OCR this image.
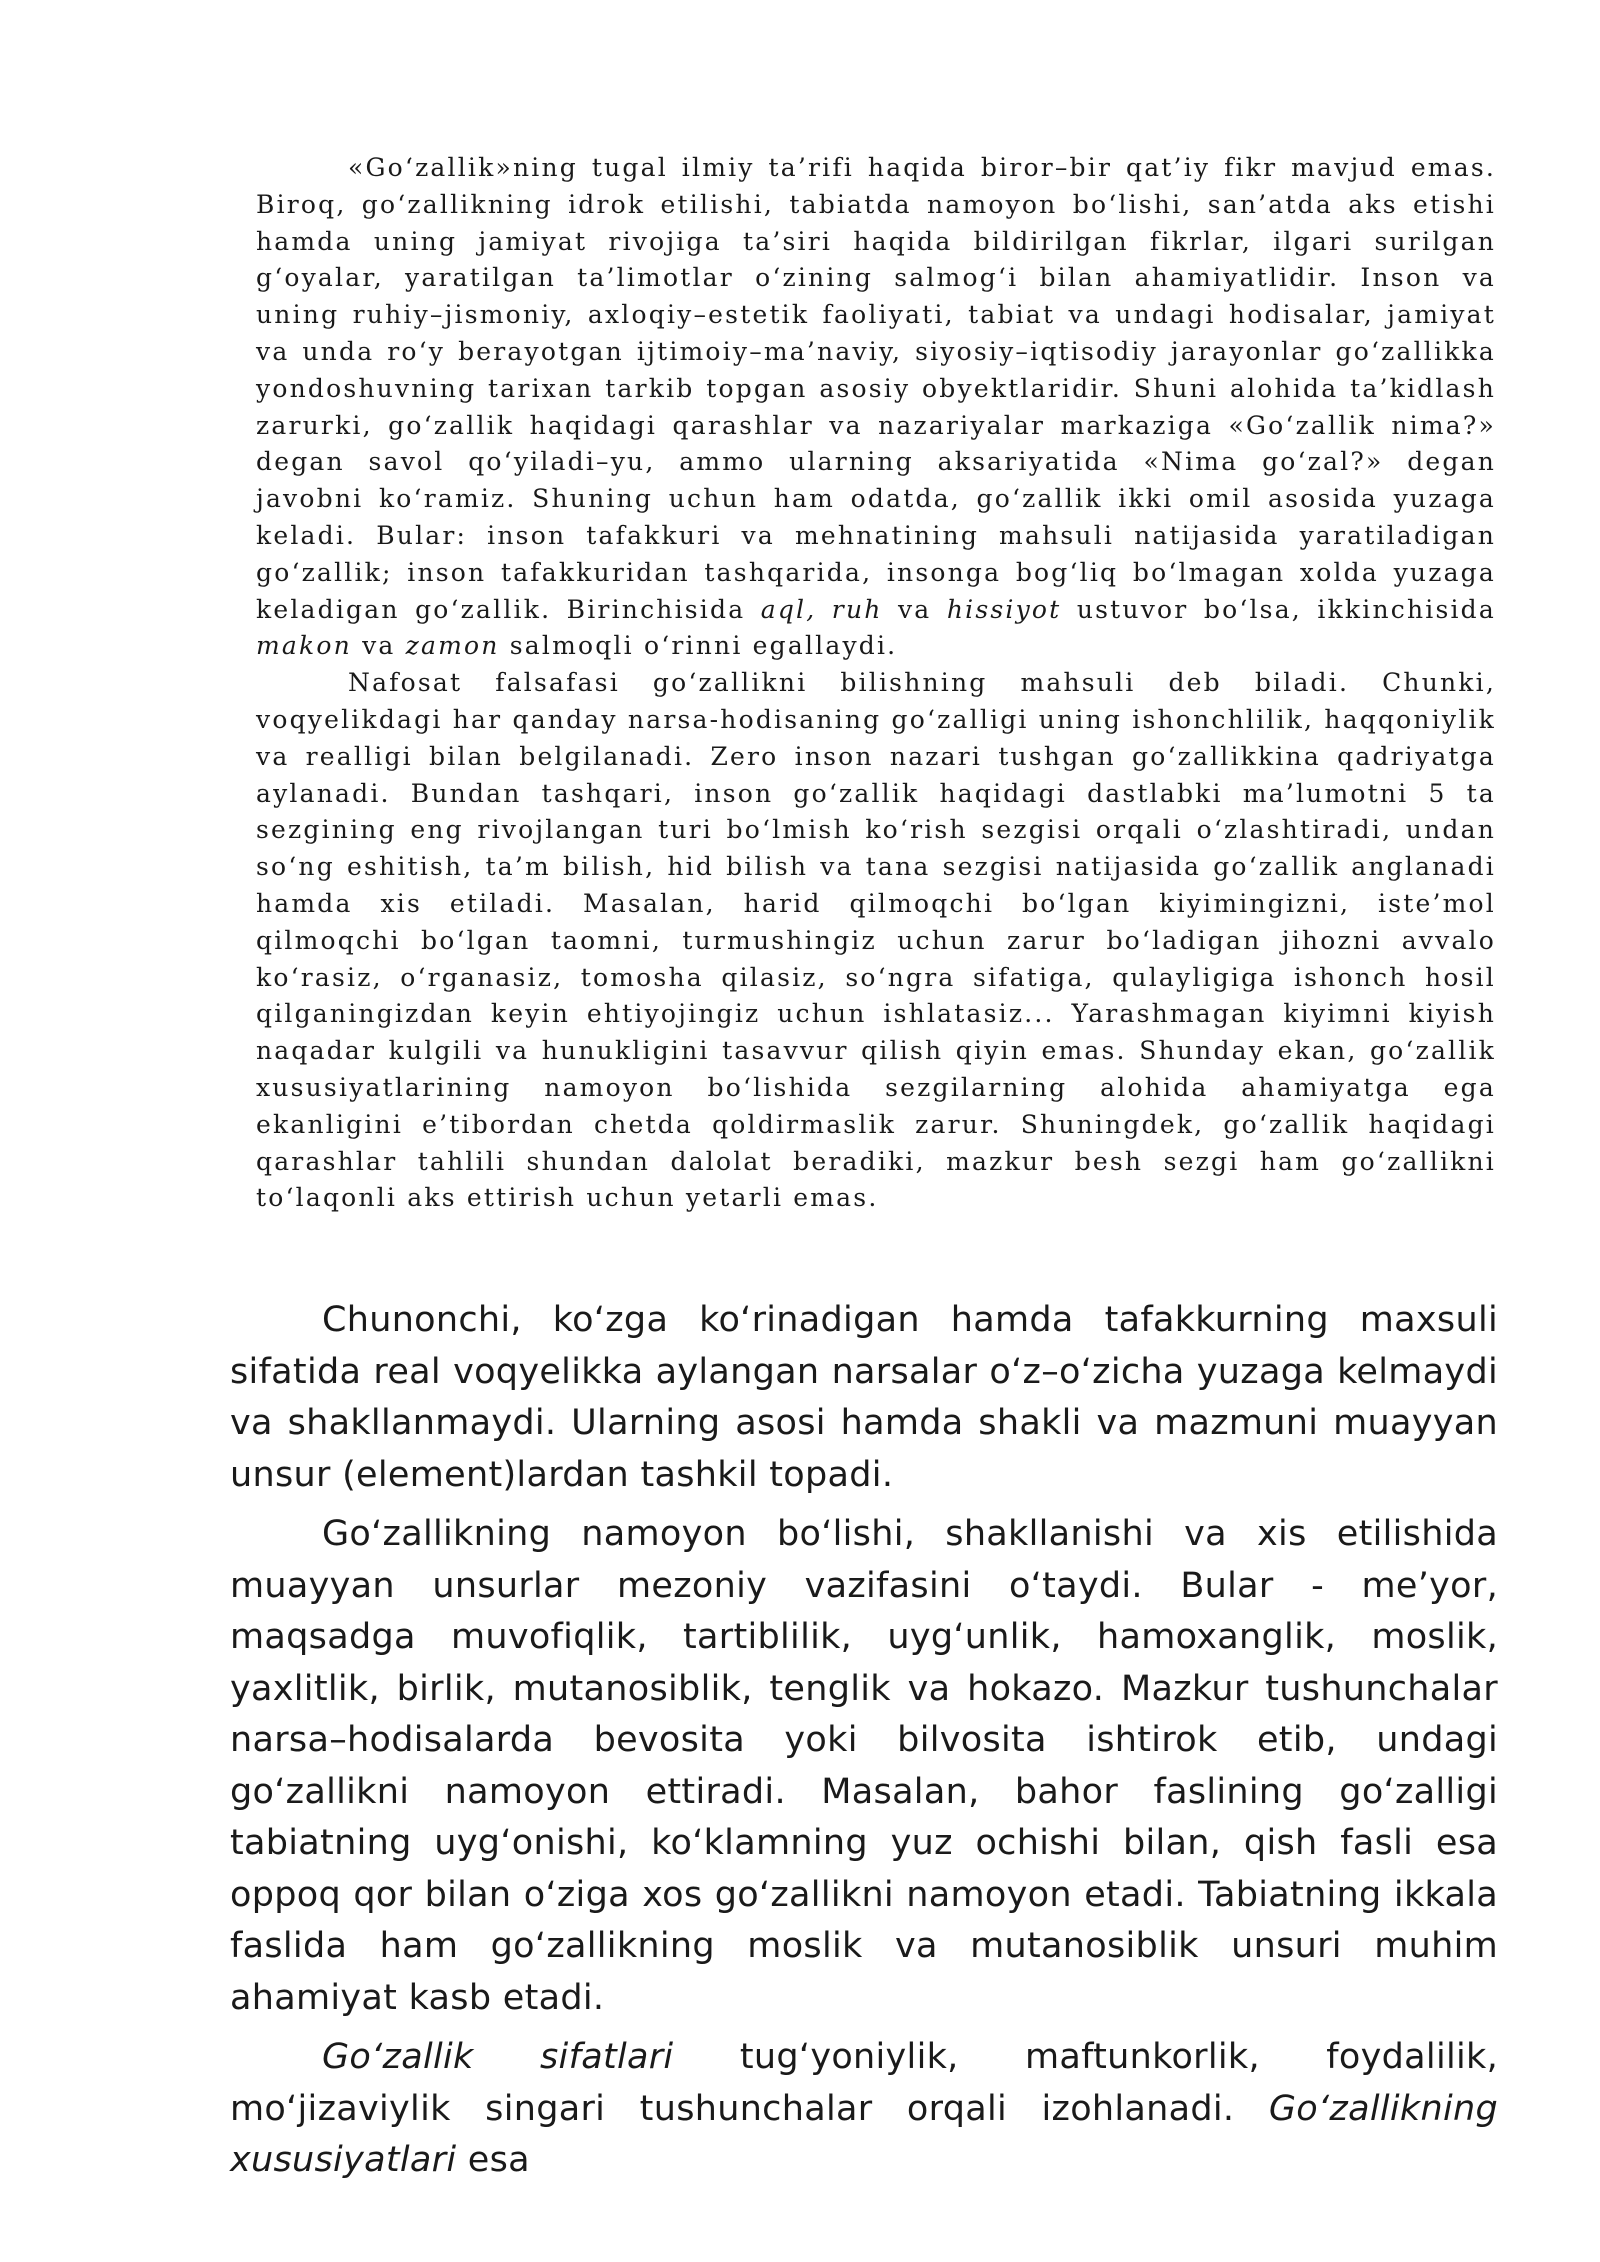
«Go‘zallik»ning tugal ilmiy ta’rifi haqida biror–bir qat’iy fikr mavjud emas. Biroq, go‘zallikning idrok etilishi, tabiatda namoyon bo‘lishi, san’atda aks etishi hamda uning jamiyat rivojiga ta’siri haqida bildirilgan fikrlar, ilgari surilgan g‘oyalar, yaratilgan ta’limotlar o‘zining salmog‘i bilan ahamiyatlidir. Inson va uning ruhiy–jismoniy, axloqiy–estetik faoliyati, tabiat va undagi hodisalar, jamiyat va unda ro‘y berayotgan ijtimoiy–ma’naviy, siyosiy–iqtisodiy jarayonlar go‘zallikka yondoshuvning tarixan tarkib topgan asosiy obyektlaridir. Shuni alohida ta’kidlash zarurki, go‘zallik haqidagi qarashlar va nazariyalar markaziga «Go‘zallik nima?» degan savol qo‘yiladi–yu, ammo ularning aksariyatida «Nima go‘zal?» degan javobni ko‘ramiz. Shuning uchun ham odatda, go‘zallik ikki omil asosida yuzaga keladi. Bular: inson tafakkuri va mehnatining mahsuli natijasida yaratiladigan go‘zallik; inson tafakkuridan tashqarida, insonga bog‘liq bo‘lmagan xolda yuzaga keladigan go‘zallik. Birinchisida aql, ruh va hissiyot ustuvor bo‘lsa, ikkinchisida makon va zamon salmoqli o‘rinni egallaydi.

Nafosat falsafasi go‘zallikni bilishning mahsuli deb biladi. Chunki, voqyelikdagi har qanday narsa-hodisaning go‘zalligi uning ishonchlilik, haqqoniylik va realligi bilan belgilanadi. Zero inson nazari tushgan go‘zallikkina qadriyatga aylanadi. Bundan tashqari, inson go‘zallik haqidagi dastlabki ma’lumotni 5 ta sezgining eng rivojlangan turi bo‘lmish ko‘rish sezgisi orqali o‘zlashtiradi, undan so‘ng eshitish, ta’m bilish, hid bilish va tana sezgisi natijasida go‘zallik anglanadi hamda xis etiladi. Masalan, harid qilmoqchi bo‘lgan kiyimingizni, iste’mol qilmoqchi bo‘lgan taomni, turmushingiz uchun zarur bo‘ladigan jihozni avvalo ko‘rasiz, o‘rganasiz, tomosha qilasiz, so‘ngra sifatiga, qulayligiga ishonch hosil qilganingizdan keyin ehtiyojingiz uchun ishlatasiz... Yarashmagan kiyimni kiyish naqadar kulgili va hunukligini tasavvur qilish qiyin emas. Shunday ekan, go‘zallik xususiyatlarining namoyon bo‘lishida sezgilarning alohida ahamiyatga ega ekanligini e’tibordan chetda qoldirmaslik zarur. Shuningdek, go‘zallik haqidagi qarashlar tahlili shundan dalolat beradiki, mazkur besh sezgi ham go‘zallikni to‘laqonli aks ettirish uchun yetarli emas.

Chunonchi, koʻzga koʻrinadigan hamda tafakkurning maxsuli sifatida real voqyelikka aylangan narsalar oʻz–oʻzicha yuzaga kelmaydi va shakllanmaydi. Ularning asosi hamda shakli va mazmuni muayyan unsur (element)lardan tashkil topadi.

Goʻzallikning namoyon boʻlishi, shakllanishi va xis etilishida muayyan unsurlar mezoniy vazifasini oʻtaydi. Bular - meʼyor, maqsadga muvofiqlik, tartiblilik, uygʻunlik, hamoxanglik, moslik, yaxlitlik, birlik, mutanosiblik, tenglik va hokazo. Mazkur tushunchalar narsa–hodisalarda bevosita yoki bilvosita ishtirok etib, undagi goʻzallikni namoyon ettiradi. Masalan, bahor faslining goʻzalligi tabiatning uygʻonishi, koʻklamning yuz ochishi bilan, qish fasli esa oppoq qor bilan oʻziga xos goʻzallikni namoyon etadi. Tabiatning ikkala faslida ham goʻzallikning moslik va mutanosiblik unsuri muhim ahamiyat kasb etadi.

Goʻzallik sifatlari tugʻyoniylik, maftunkorlik, foydalilik, moʻjizaviylik singari tushunchalar orqali izohlanadi. Goʻzallikning xususiyatlari esa
